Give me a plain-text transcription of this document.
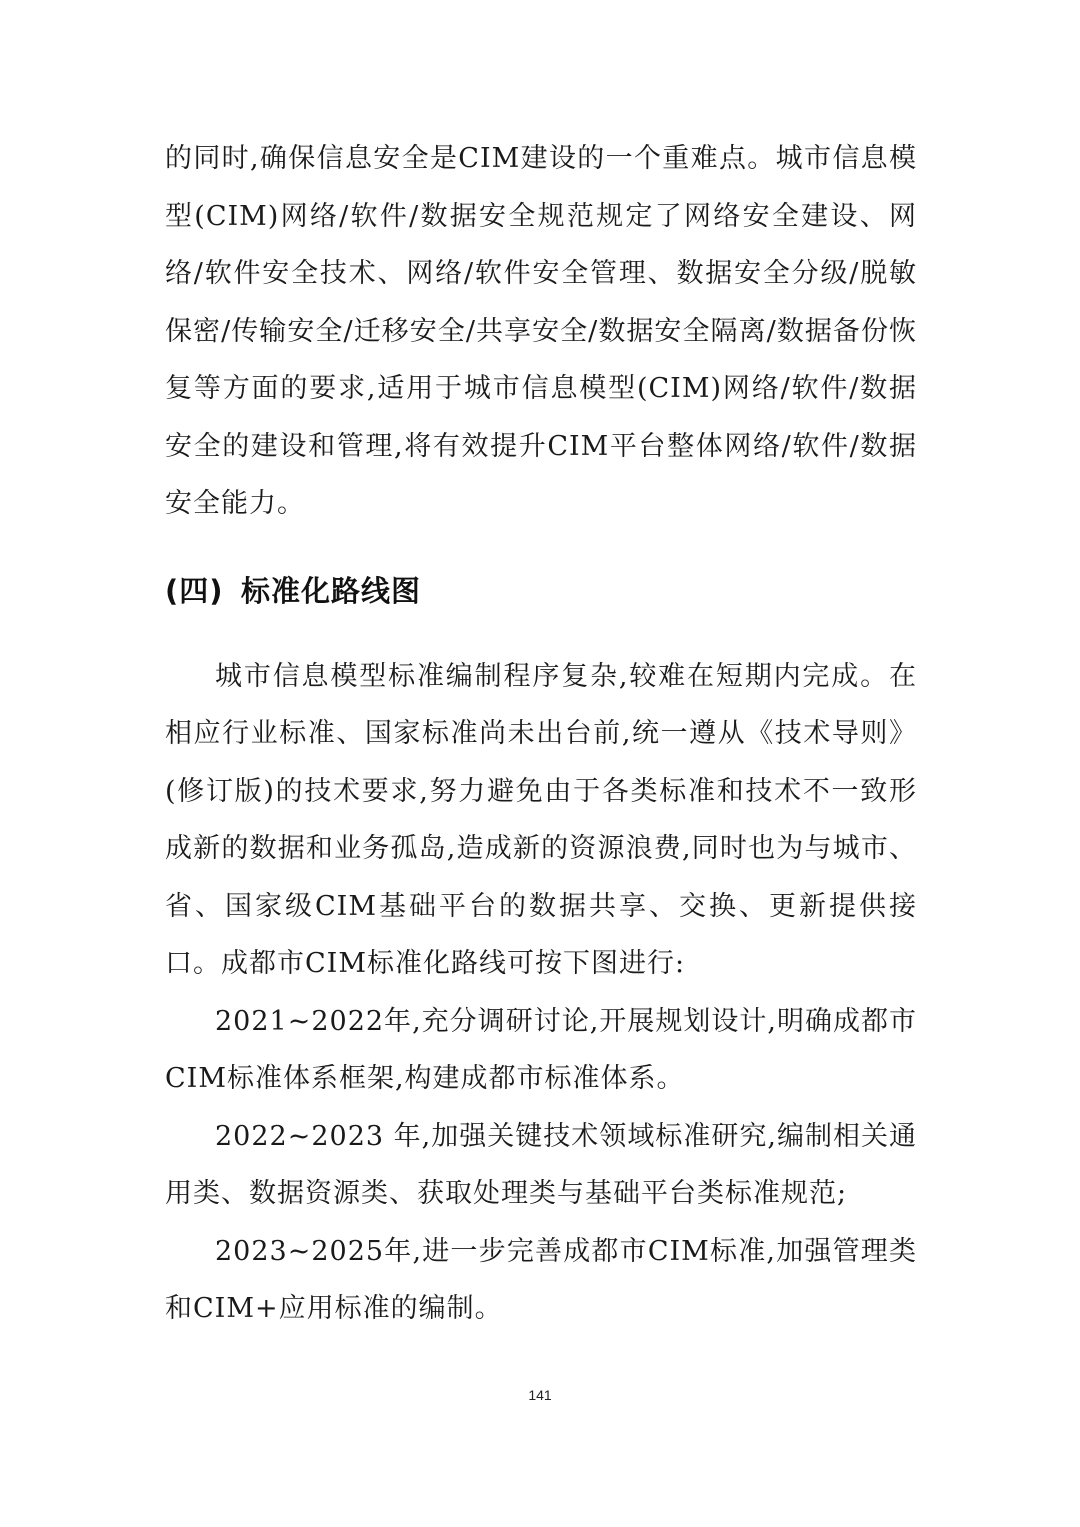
的同时,确保信息安全是CIM建设的一个重难点。城市信息模型(CIM)网络/软件/数据安全规范规定了网络安全建设、网络/软件安全技术、网络/软件安全管理、数据安全分级/脱敏保密/传输安全/迁移安全/共享安全/数据安全隔离/数据备份恢复等方面的要求,适用于城市信息模型(CIM)网络/软件/数据安全的建设和管理,将有效提升CIM平台整体网络/软件/数据安全能力。

(四) 标准化路线图

城市信息模型标准编制程序复杂,较难在短期内完成。在相应行业标准、国家标准尚未出台前,统一遵从《技术导则》(修订版)的技术要求,努力避免由于各类标准和技术不一致形成新的数据和业务孤岛,造成新的资源浪费,同时也为与城市、省、国家级CIM基础平台的数据共享、交换、更新提供接口。成都市CIM标准化路线可按下图进行:

2021~2022年,充分调研讨论,开展规划设计,明确成都市CIM标准体系框架,构建成都市标准体系。

2022~2023 年,加强关键技术领域标准研究,编制相关通用类、数据资源类、获取处理类与基础平台类标准规范;

2023~2025年,进一步完善成都市CIM标准,加强管理类和CIM+应用标准的编制。

141
